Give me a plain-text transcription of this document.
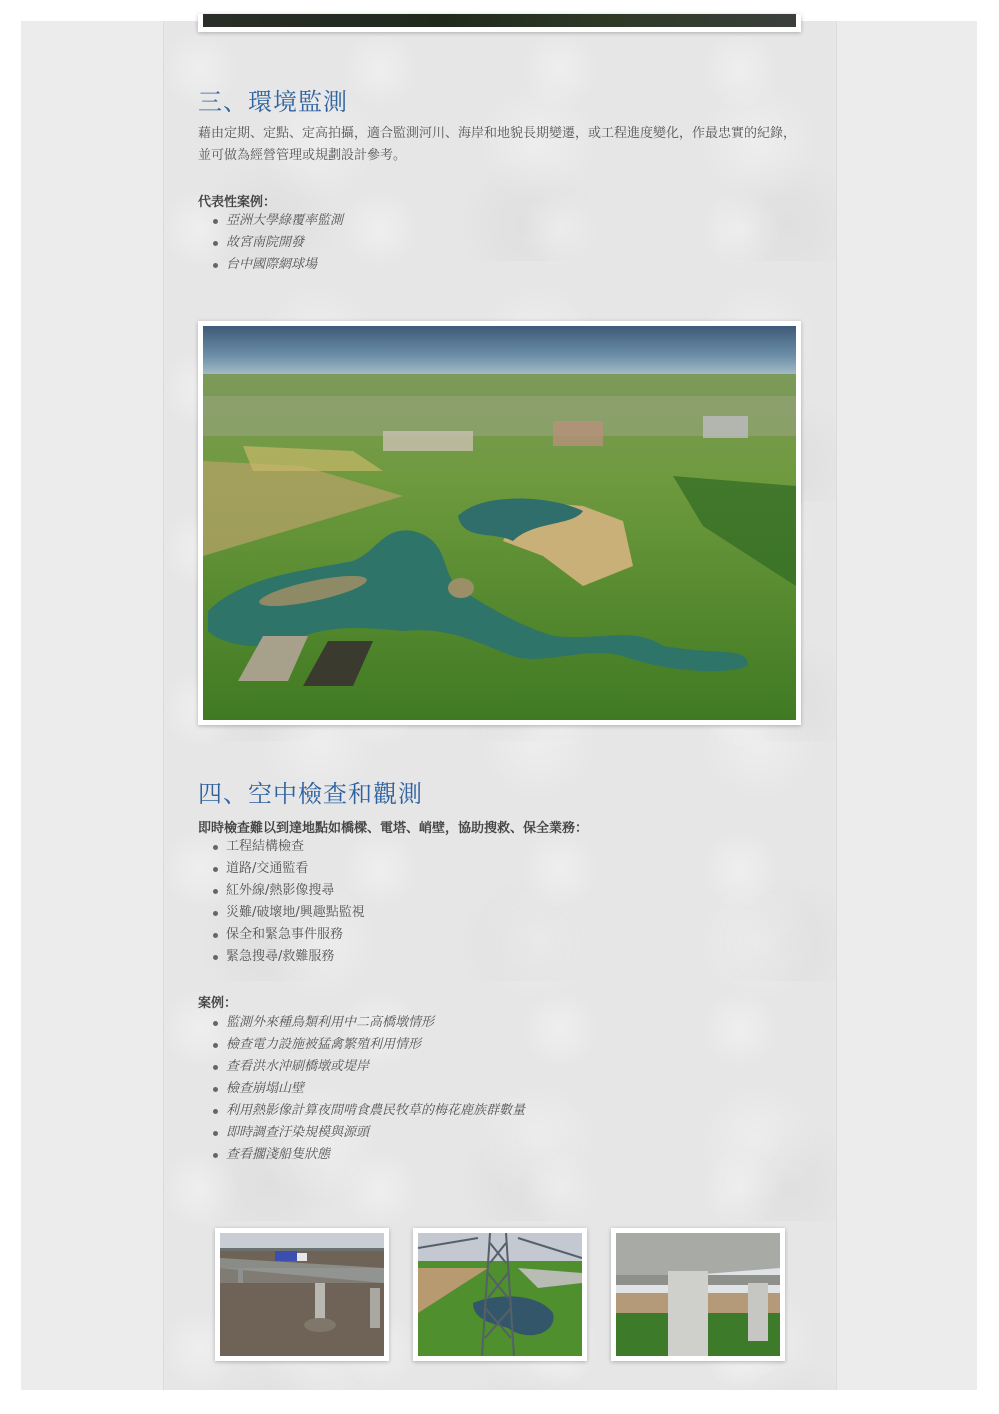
三、環境監測

藉由定期、定點、定高拍攝，適合監測河川、海岸和地貌長期變遷，或工程進度變化，作最忠實的紀錄，並可做為經營管理或規劃設計參考。

代表性案例：

亞洲大學綠覆率監測
故宮南院開發
台中國際網球場
四、空中檢查和觀測

即時檢查難以到達地點如橋樑、電塔、峭壁，協助搜救、保全業務：

工程結構檢查
道路/交通監看
紅外線/熱影像搜尋
災難/破壞地/興趣點監視
保全和緊急事件服務
緊急搜尋/救難服務

案例：

監測外來種鳥類利用中二高橋墩情形
檢查電力設施被猛禽繁殖利用情形
查看洪水沖刷橋墩或堤岸
檢查崩塌山壁
利用熱影像計算夜間啃食農民牧草的梅花鹿族群數量
即時調查汙染規模與源頭
查看擱淺船隻狀態
